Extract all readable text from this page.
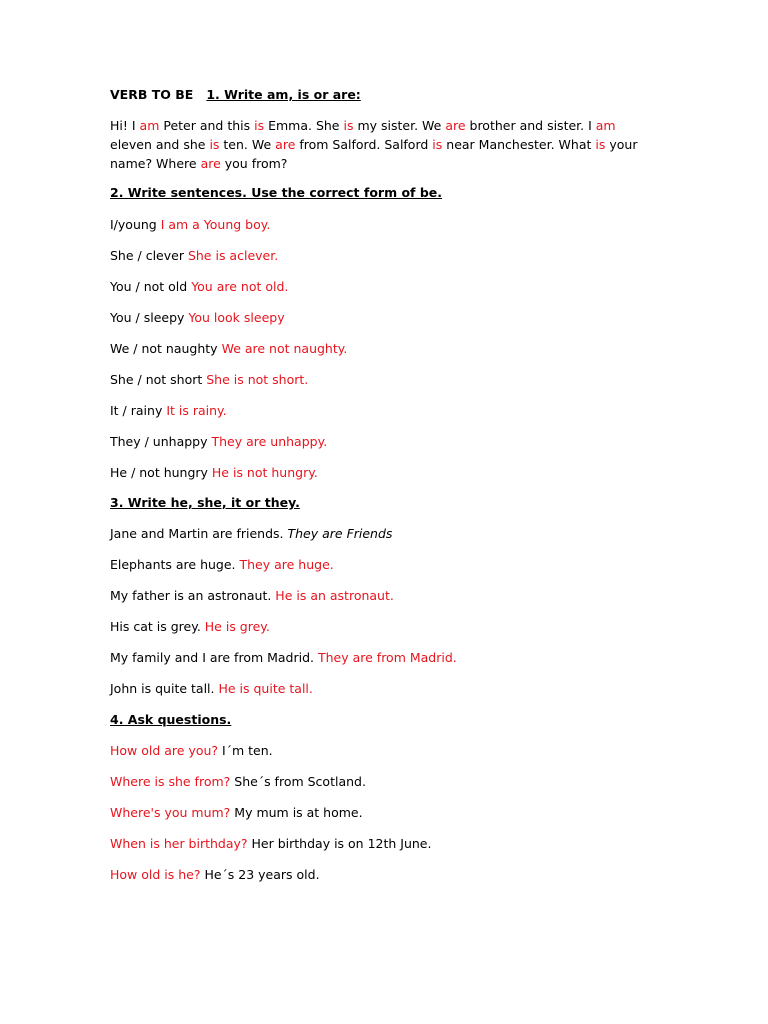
VERB TO BE 1. Write am, is or are:
Hi! I am Peter and this is Emma. She is my sister. We are brother and sister. I am eleven and she is ten. We are from Salford. Salford is near Manchester. What is your name? Where are you from?
2. Write sentences. Use the correct form of be.
I/young I am a Young boy.
She / clever She is aclever.
You / not old You are not old.
You / sleepy You look sleepy
We / not naughty We are not naughty.
She / not short She is not short.
It / rainy It is rainy.
They / unhappy They are unhappy.
He / not hungry He is not hungry.
3. Write he, she, it or they.
Jane and Martin are friends. They are Friends
Elephants are huge. They are huge.
My father is an astronaut. He is an astronaut.
His cat is grey. He is grey.
My family and I are from Madrid. They are from Madrid.
John is quite tall. He is quite tall.
4. Ask questions.
How old are you? I´m ten.
Where is she from? She´s from Scotland.
Where's you mum? My mum is at home.
When is her birthday? Her birthday is on 12th June.
How old is he? He´s 23 years old.
